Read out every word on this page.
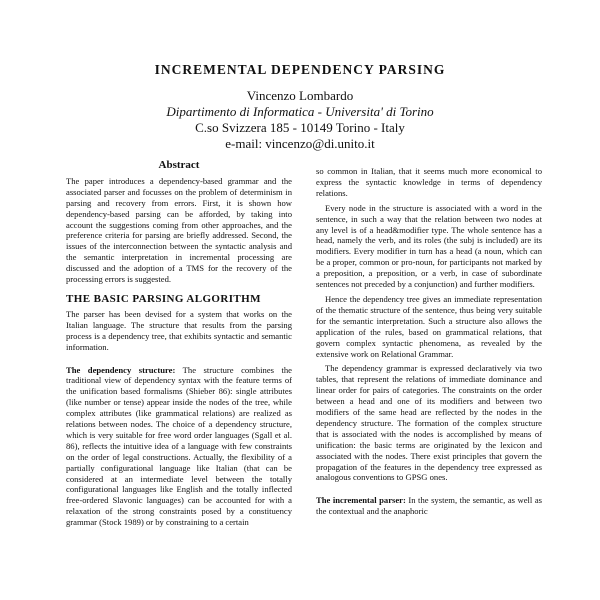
INCREMENTAL DEPENDENCY PARSING
Vincenzo Lombardo
Dipartimento di Informatica - Universita' di Torino
C.so Svizzera 185 - 10149 Torino - Italy
e-mail: vincenzo@di.unito.it
Abstract

The paper introduces a dependency-based grammar and the associated parser and focusses on the problem of determinism in parsing and recovery from errors. First, it is shown how dependency-based parsing can be afforded, by taking into account the suggestions coming from other approaches, and the preference criteria for parsing are briefly addressed. Second, the issues of the interconnection between the syntactic analysis and the semantic interpretation in incremental processing are discussed and the adoption of a TMS for the recovery of the processing errors is suggested.

THE BASIC PARSING ALGORITHM

The parser has been devised for a system that works on the Italian language. The structure that results from the parsing process is a dependency tree, that exhibits syntactic and semantic information.

The dependency structure: The structure combines the traditional view of dependency syntax with the feature terms of the unification based formalisms (Shieber 86): single attributes (like number or tense) appear inside the nodes of the tree, while complex attributes (like grammatical relations) are realized as relations between nodes. The choice of a dependency structure, which is very suitable for free word order languages (Sgall et al. 86), reflects the intuitive idea of a language with few constraints on the order of legal constructions. Actually, the flexibility of a partially configurational language like Italian (that can be considered at an intermediate level between the totally configurational languages like English and the totally inflected free-ordered Slavonic languages) can be accounted for with a relaxation of the strong constraints posed by a constituency grammar (Stock 1989) or by constraining to a certain

so common in Italian, that it seems much more economical to express the syntactic knowledge in terms of dependency relations.

Every node in the structure is associated with a word in the sentence, in such a way that the relation between two nodes at any level is of a head&modifier type. The whole sentence has a head, namely the verb, and its roles (the subj is included) are its modifiers. Every modifier in turn has a head (a noun, which can be a proper, common or pro-noun, for participants not marked by a preposition, a preposition, or a verb, in case of subordinate sentences not preceded by a conjunction) and further modifiers.

Hence the dependency tree gives an immediate representation of the thematic structure of the sentence, thus being very suitable for the semantic interpretation. Such a structure also allows the application of the rules, based on grammatical relations, that govern complex syntactic phenomena, as revealed by the extensive work on Relational Grammar.

The dependency grammar is expressed declaratively via two tables, that represent the relations of immediate dominance and linear order for pairs of categories. The constraints on the order between a head and one of its modifiers and between two modifiers of the same head are reflected by the nodes in the dependency structure. The formation of the complex structure that is associated with the nodes is accomplished by means of unification: the basic terms are originated by the lexicon and associated with the nodes. There exist principles that govern the propagation of the features in the dependency tree expressed as analogous conventions to GPSG ones.

The incremental parser: In the system, the semantic, as well as the contextual and the anaphoric
